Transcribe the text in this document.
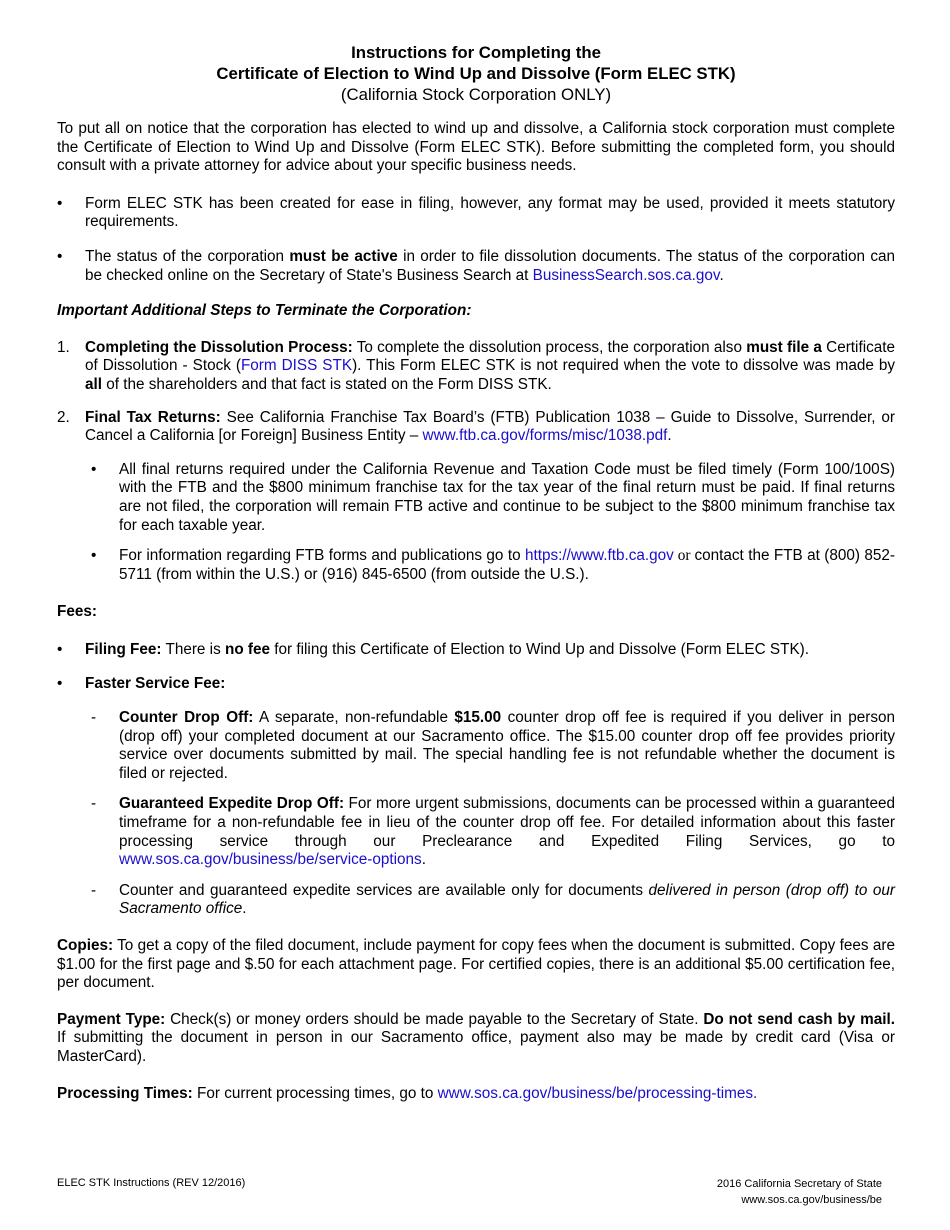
Instructions for Completing the
Certificate of Election to Wind Up and Dissolve (Form ELEC STK)
(California Stock Corporation ONLY)

To put all on notice that the corporation has elected to wind up and dissolve, a California stock corporation must complete the Certificate of Election to Wind Up and Dissolve (Form ELEC STK). Before submitting the completed form, you should consult with a private attorney for advice about your specific business needs.

• Form ELEC STK has been created for ease in filing, however, any format may be used, provided it meets statutory requirements.
• The status of the corporation must be active in order to file dissolution documents. The status of the corporation can be checked online on the Secretary of State's Business Search at BusinessSearch.sos.ca.gov.

Important Additional Steps to Terminate the Corporation:

1. Completing the Dissolution Process: To complete the dissolution process, the corporation also must file a Certificate of Dissolution - Stock (Form DISS STK). This Form ELEC STK is not required when the vote to dissolve was made by all of the shareholders and that fact is stated on the Form DISS STK.
2. Final Tax Returns: See California Franchise Tax Board’s (FTB) Publication 1038 – Guide to Dissolve, Surrender, or Cancel a California [or Foreign] Business Entity – www.ftb.ca.gov/forms/misc/1038.pdf.
• All final returns required under the California Revenue and Taxation Code must be filed timely (Form 100/100S) with the FTB and the $800 minimum franchise tax for the tax year of the final return must be paid. If final returns are not filed, the corporation will remain FTB active and continue to be subject to the $800 minimum franchise tax for each taxable year.
• For information regarding FTB forms and publications go to https://www.ftb.ca.gov or contact the FTB at (800) 852-5711 (from within the U.S.) or (916) 845-6500 (from outside the U.S.).

Fees:

• Filing Fee: There is no fee for filing this Certificate of Election to Wind Up and Dissolve (Form ELEC STK).
• Faster Service Fee:
- Counter Drop Off: A separate, non-refundable $15.00 counter drop off fee is required if you deliver in person (drop off) your completed document at our Sacramento office. The $15.00 counter drop off fee provides priority service over documents submitted by mail. The special handling fee is not refundable whether the document is filed or rejected.
- Guaranteed Expedite Drop Off: For more urgent submissions, documents can be processed within a guaranteed timeframe for a non-refundable fee in lieu of the counter drop off fee. For detailed information about this faster processing service through our Preclearance and Expedited Filing Services, go to www.sos.ca.gov/business/be/service-options.
- Counter and guaranteed expedite services are available only for documents delivered in person (drop off) to our Sacramento office.

Copies: To get a copy of the filed document, include payment for copy fees when the document is submitted. Copy fees are $1.00 for the first page and $.50 for each attachment page. For certified copies, there is an additional $5.00 certification fee, per document.

Payment Type: Check(s) or money orders should be made payable to the Secretary of State. Do not send cash by mail. If submitting the document in person in our Sacramento office, payment also may be made by credit card (Visa or MasterCard).

Processing Times: For current processing times, go to www.sos.ca.gov/business/be/processing-times.

ELEC STK Instructions (REV 12/2016)	2016 California Secretary of State
www.sos.ca.gov/business/be
